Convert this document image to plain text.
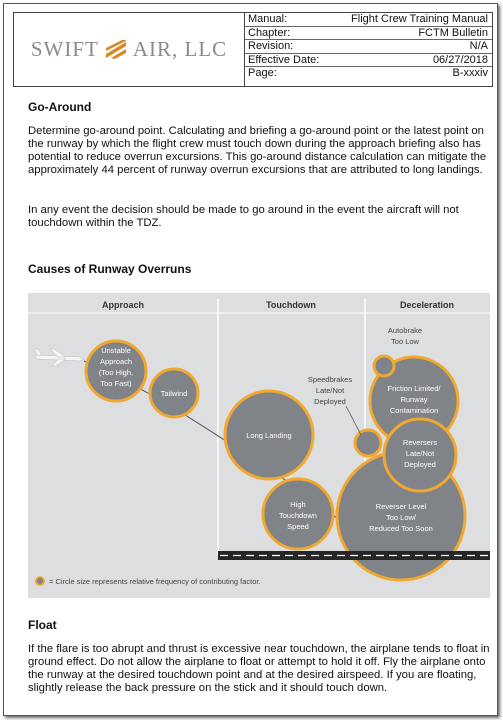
SWIFT AIR, LLC
Manual:	Flight Crew Training Manual
Chapter:	FCTM Bulletin
Revision:	N/A
Effective Date:	06/27/2018
Page:	B-xxxiv
Go-Around
Determine go-around point. Calculating and briefing a go-around point or the latest point on the runway by which the flight crew must touch down during the approach briefing also has potential to reduce overrun excursions. This go-around distance calculation can mitigate the approximately 44 percent of runway overrun excursions that are attributed to long landings.
In any event the decision should be made to go around in the event the aircraft will not touchdown within the TDZ.
Causes of Runway Overruns
Approach	Touchdown	Deceleration
Unstable
Approach
(Too High,
Too Fast)
Tailwind
Long Landing
High
Touchdown
Speed
Friction Limited/
Runway
Contamination
Reverser Level
Too Low/
Reduced Too Soon
Reversers
Late/Not
Deployed
Autobrake
Too Low
Speedbrakes
Late/Not
Deployed
= Circle size represents relative frequency of contributing factor.
Float
If the flare is too abrupt and thrust is excessive near touchdown, the airplane tends to float in ground effect. Do not allow the airplane to float or attempt to hold it off. Fly the airplane onto the runway at the desired touchdown point and at the desired airspeed. If you are floating, slightly release the back pressure on the stick and it should touch down.
